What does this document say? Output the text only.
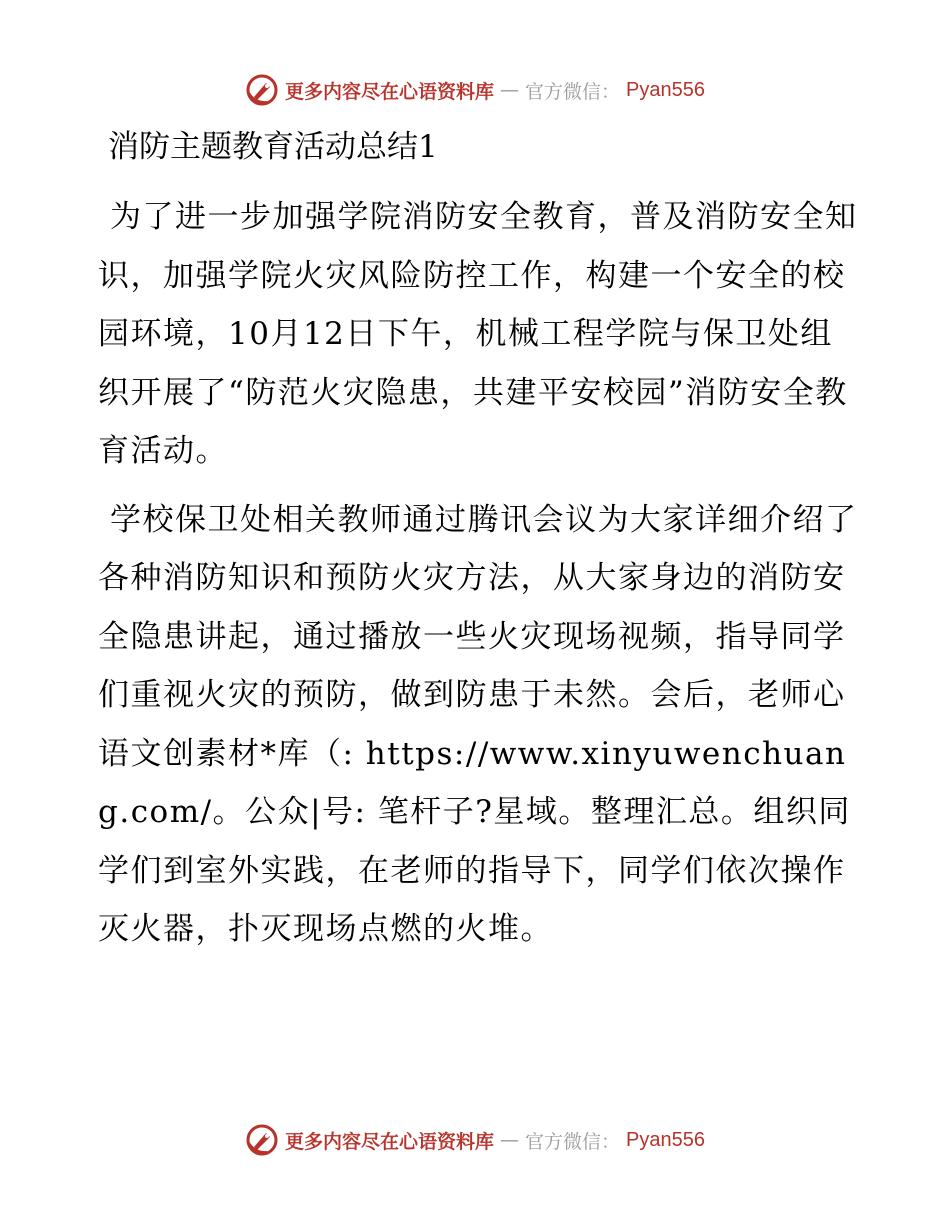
更多内容尽在心语资料库 — 官方微信： Pyan556
消防主题教育活动总结1

为了进一步加强学院消防安全教育，普及消防安全知识，加强学院火灾风险防控工作，构建一个安全的校园环境，10月12日下午，机械工程学院与保卫处组织开展了“防范火灾隐患，共建平安校园”消防安全教育活动。

学校保卫处相关教师通过腾讯会议为大家详细介绍了各种消防知识和预防火灾方法，从大家身边的消防安全隐患讲起，通过播放一些火灾现场视频，指导同学们重视火灾的预防，做到防患于未然。会后，老师心语文创素材*库（: https://www.xinyuwenchuang.com/。公众|号: 笔杆子?星域。整理汇总。组织同学们到室外实践，在老师的指导下，同学们依次操作灭火器，扑灭现场点燃的火堆。

更多内容尽在心语资料库 — 官方微信： Pyan556
